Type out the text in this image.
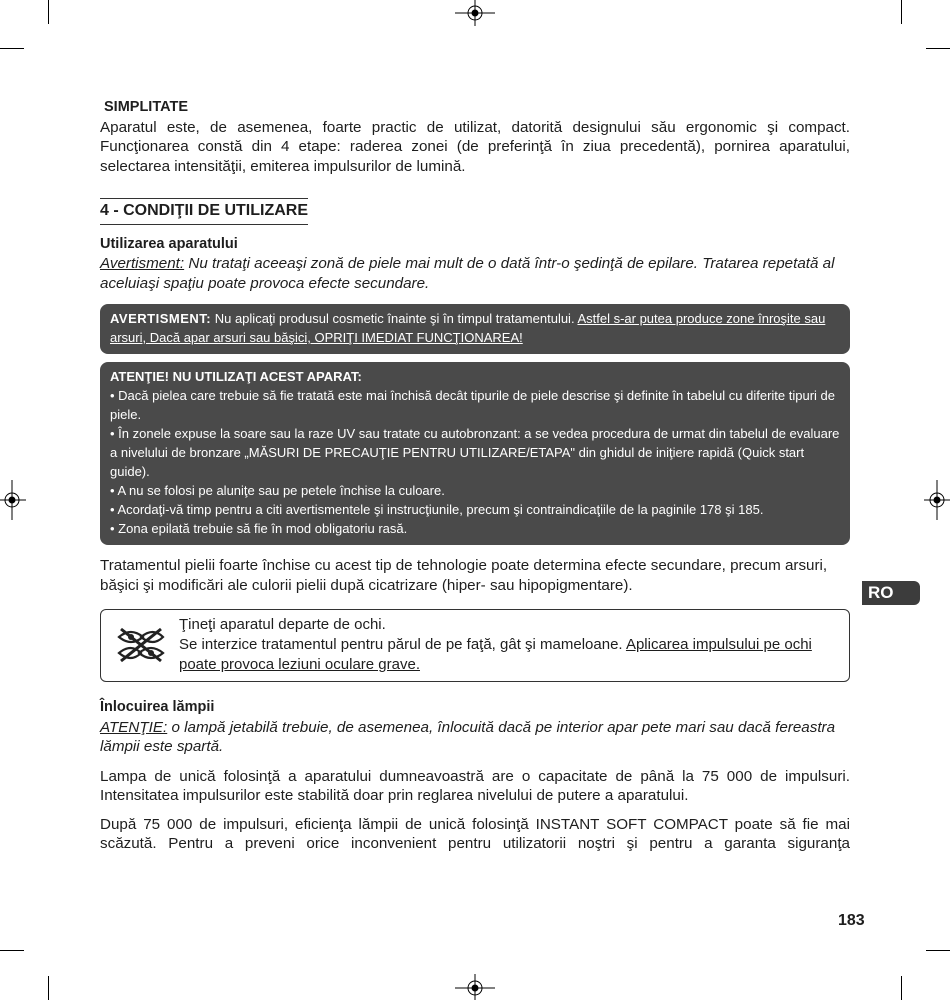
SIMPLITATE

Aparatul este, de asemenea, foarte practic de utilizat, datorită designului său ergonomic şi compact. Funcţionarea constă din 4 etape: raderea zonei (de preferinţă în ziua precedentă), pornirea aparatului, selectarea intensităţii, emiterea impulsurilor de lumină.

4 - CONDIŢII DE UTILIZARE
Utilizarea aparatului

Avertisment: Nu trataţi aceeaşi zonă de piele mai mult de o dată într-o şedinţă de epilare. Tratarea repetată al aceluiaşi spaţiu poate provoca efecte secundare.

AVERTISMENT: Nu aplicaţi produsul cosmetic înainte şi în timpul tratamentului. Astfel s-ar putea produce zone înroşite sau arsuri, Dacă apar arsuri sau băşici, OPRIŢI IMEDIAT FUNCŢIONAREA!
ATENŢIE! NU UTILIZAŢI ACEST APARAT:
• Dacă pielea care trebuie să fie tratată este mai închisă decât tipurile de piele descrise şi definite în tabelul cu diferite tipuri de piele.
• În zonele expuse la soare sau la raze UV sau tratate cu autobronzant: a se vedea procedura de urmat din tabelul de evaluare a nivelului de bronzare „MĂSURI DE PRECAUŢIE PENTRU UTILIZARE/ETAPA" din ghidul de iniţiere rapidă (Quick start guide).
• A nu se folosi pe aluniţe sau pe petele închise la culoare.
• Acordaţi-vă timp pentru a citi avertismentele şi instrucţiunile, precum şi contraindicaţiile de la paginile 178 şi 185.
• Zona epilată trebuie să fie în mod obligatoriu rasă.

Tratamentul pielii foarte închise cu acest tip de tehnologie poate determina efecte secundare, precum arsuri, băşici şi modificări ale culorii pielii după cicatrizare (hiper- sau hipopigmentare).

Ţineţi aparatul departe de ochi.
Se interzice tratamentul pentru părul de pe faţă, gât şi mameloane. Aplicarea impulsului pe ochi poate provoca leziuni oculare grave.
Înlocuirea lămpii

ATENŢIE: o lampă jetabilă trebuie, de asemenea, înlocuită dacă pe interior apar pete mari sau dacă fereastra lămpii este spartă.

Lampa de unică folosinţă a aparatului dumneavoastră are o capacitate de până la 75 000 de impulsuri. Intensitatea impulsurilor este stabilită doar prin reglarea nivelului de putere a aparatului.

După 75 000 de impulsuri, eficienţa lămpii de unică folosinţă INSTANT SOFT COMPACT poate să fie mai scăzută. Pentru a preveni orice inconvenient pentru utilizatorii noştri şi pentru a garanta siguranţa

RO
183
